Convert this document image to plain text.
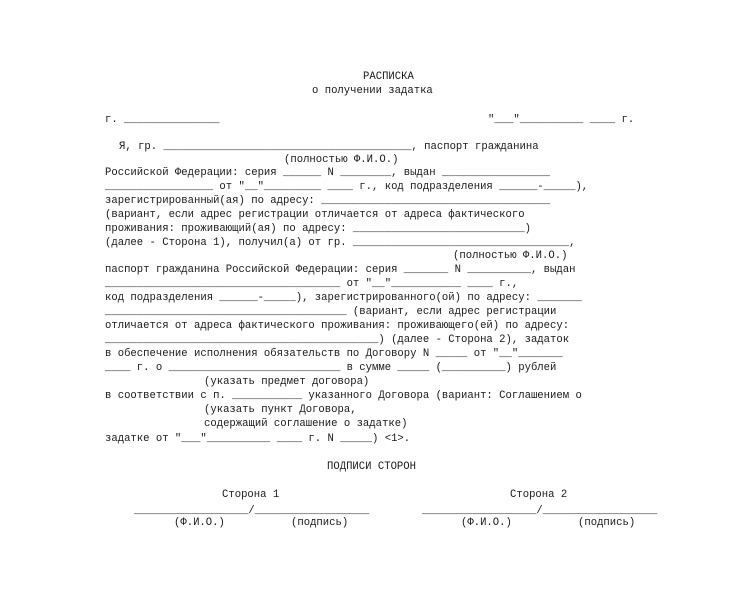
РАСПИСКА
о получении задатка
г. _______________	"___"__________ ____ г.
Я, гр. _______________________________________, паспорт гражданина
(полностью Ф.И.О.)
Российской Федерации: серия ______ N ________, выдан _________________
_________________ от "__"_________ ____ г., код подразделения ______-_____),
зарегистрированный(ая) по адресу: ____________________________________
(вариант, если адрес регистрации отличается от адреса фактического
проживания: проживающий(ая) по адресу: ___________________________)
(далее - Сторона 1), получил(а) от гр. __________________________________,
(полностью Ф.И.О.)
паспорт гражданина Российской Федерации: серия _______ N __________, выдан
_____________________________________ от "__"___________ ____ г.,
код подразделения ______-_____), зарегистрированного(ой) по адресу: _______
______________________________________ (вариант, если адрес регистрации
отличается от адреса фактического проживания: проживающего(ей) по адресу:
___________________________________________) (далее - Сторона 2), задаток
в обеспечение исполнения обязательств по Договору N _____ от "__"_______
____ г. о ___________________________ в сумме _____ (__________) рублей
(указать предмет договора)
в соответствии с п. ___________ указанного Договора (вариант: Соглашением о
(указать пункт Договора,
содержащий соглашение о задатке)
задатке от "___"__________ ____ г. N _____) <1>.
ПОДПИСИ СТОРОН
Сторона 1	Сторона 2
__________________/__________________	__________________/__________________
(Ф.И.О.)	(подпись)	(Ф.И.О.)	(подпись)
